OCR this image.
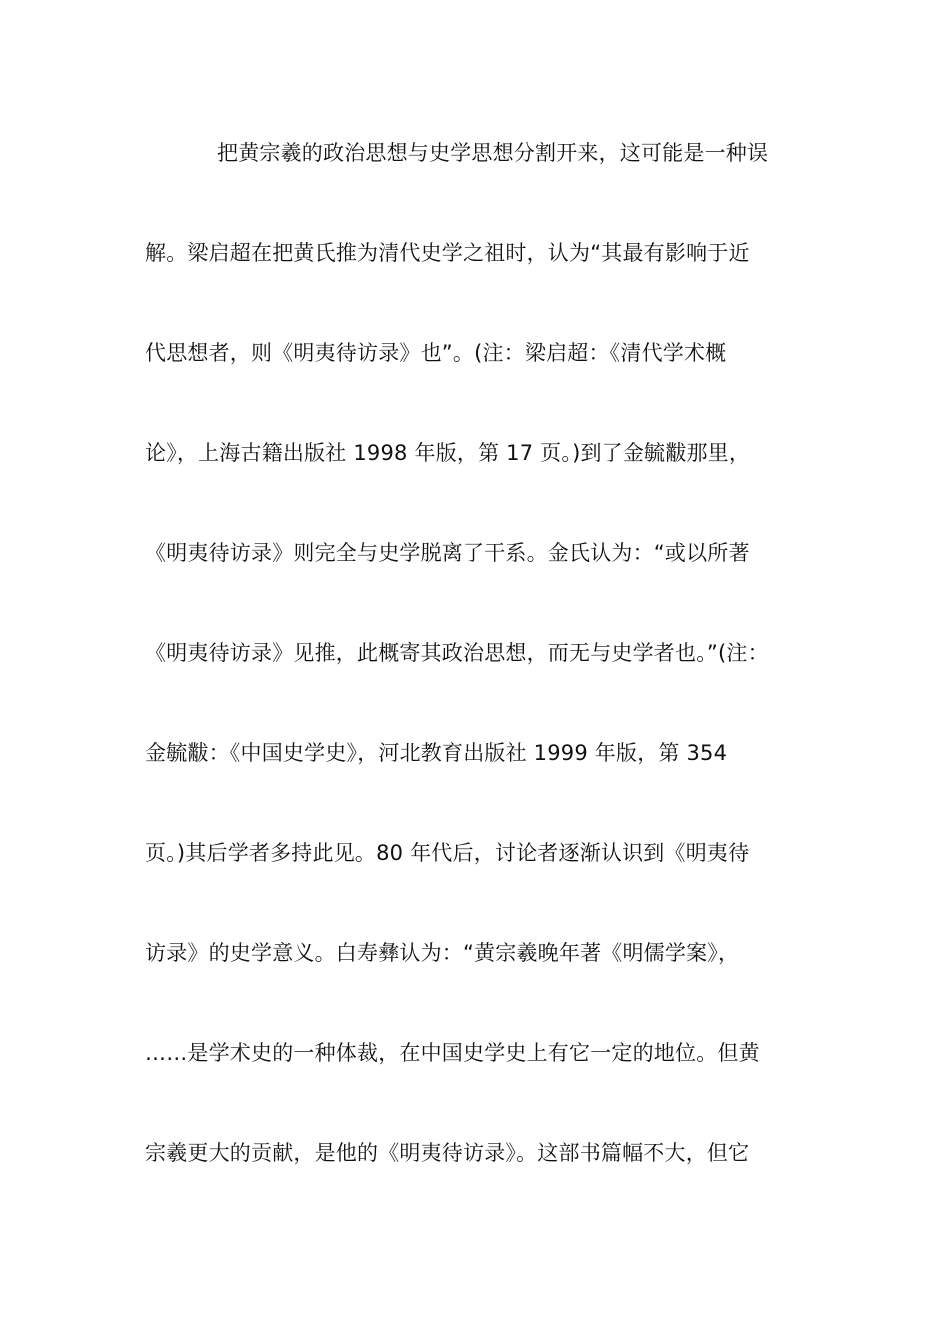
把黄宗羲的政治思想与史学思想分割开来，这可能是一种误
解。梁启超在把黄氏推为清代史学之祖时，认为“其最有影响于近
代思想者，则《明夷待访录》也”。(注：梁启超：《清代学术概
论》，上海古籍出版社 1998 年版，第 17 页。)到了金毓黻那里，
《明夷待访录》则完全与史学脱离了干系。金氏认为：“或以所著
《明夷待访录》见推，此概寄其政治思想，而无与史学者也。”(注：
金毓黻：《中国史学史》，河北教育出版社 1999 年版，第 354
页。)其后学者多持此见。80 年代后，讨论者逐渐认识到《明夷待
访录》的史学意义。白寿彝认为：“黄宗羲晚年著《明儒学案》，
……是学术史的一种体裁，在中国史学史上有它一定的地位。但黄
宗羲更大的贡献，是他的《明夷待访录》。这部书篇幅不大，但它
